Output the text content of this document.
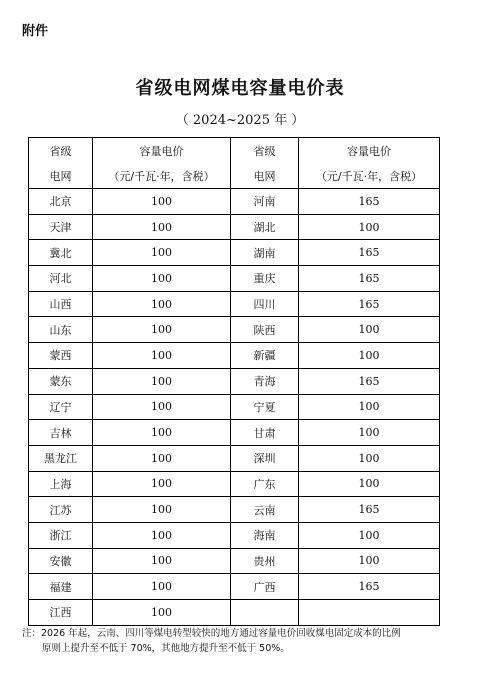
附件
省级电网煤电容量电价表
（ 2024~2025 年 ）
省级	容量电价	省级	容量电价
电网	（元/千瓦·年，含税）	电网	（元/千瓦·年，含税）
北京	100	河南	165
天津	100	湖北	100
冀北	100	湖南	165
河北	100	重庆	165
山西	100	四川	165
山东	100	陕西	100
蒙西	100	新疆	100
蒙东	100	青海	165
辽宁	100	宁夏	100
吉林	100	甘肃	100
黑龙江	100	深圳	100
上海	100	广东	100
江苏	100	云南	165
浙江	100	海南	100
安徽	100	贵州	100
福建	100	广西	165
江西	100		
注：2026 年起，云南、四川等煤电转型较快的地方通过容量电价回收煤电固定成本的比例
原则上提升至不低于 70%，其他地方提升至不低于 50%。
